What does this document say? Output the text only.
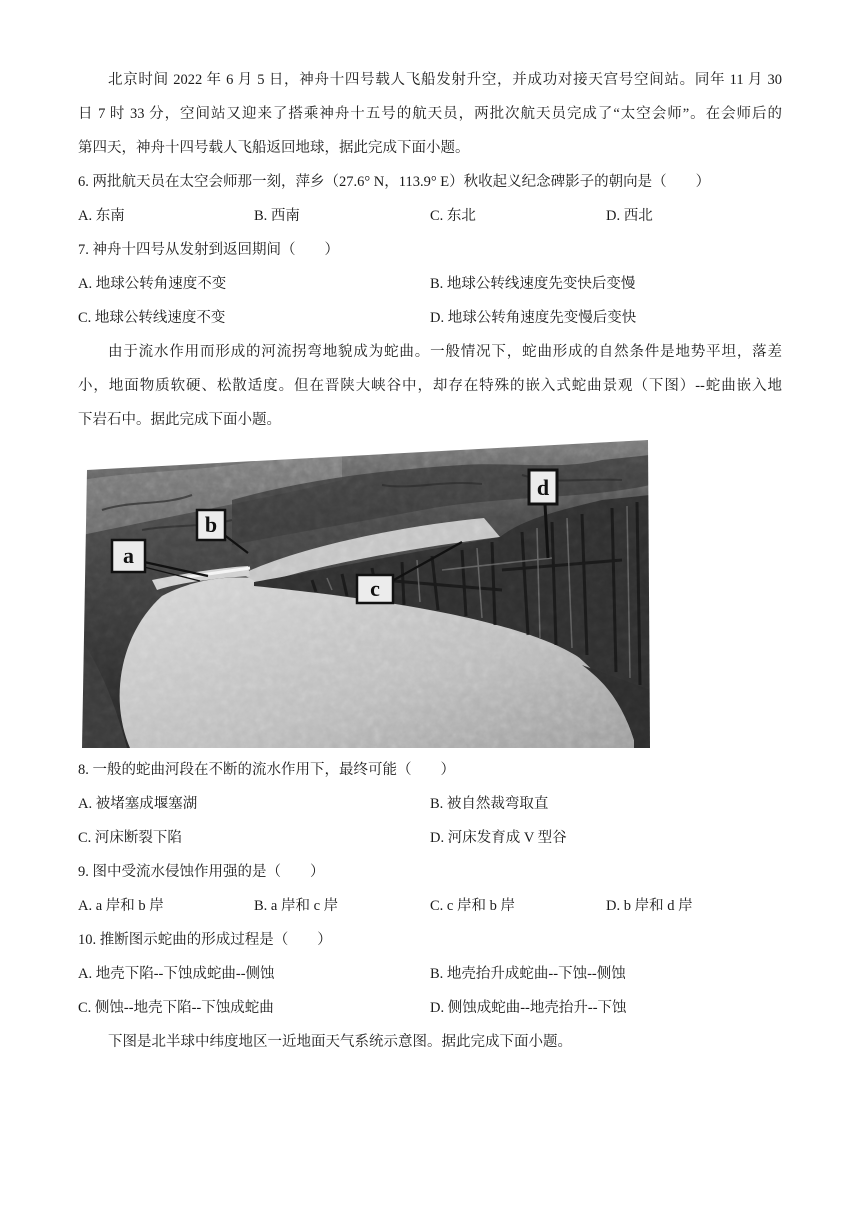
北京时间 2022 年 6 月 5 日，神舟十四号载人飞船发射升空，并成功对接天宫号空间站。同年 11 月 30
日 7 时 33 分，空间站又迎来了搭乘神舟十五号的航天员，两批次航天员完成了“太空会师”。在会师后的
第四天，神舟十四号载人飞船返回地球，据此完成下面小题。
6. 两批航天员在太空会师那一刻，萍乡（27.6° N，113.9° E）秋收起义纪念碑影子的朝向是（　　）
A. 东南	B. 西南	C. 东北	D. 西北
7. 神舟十四号从发射到返回期间（　　）
A. 地球公转角速度不变	B. 地球公转线速度先变快后变慢
C. 地球公转线速度不变	D. 地球公转角速度先变慢后变快
由于流水作用而形成的河流拐弯地貌成为蛇曲。一般情况下，蛇曲形成的自然条件是地势平坦，落差
小，地面物质软硬、松散适度。但在晋陕大峡谷中，却存在特殊的嵌入式蛇曲景观（下图）--蛇曲嵌入地
下岩石中。据此完成下面小题。
a
b
c
d
8. 一般的蛇曲河段在不断的流水作用下，最终可能（　　）
A. 被堵塞成堰塞湖	B. 被自然裁弯取直
C. 河床断裂下陷	D. 河床发育成 V 型谷
9. 图中受流水侵蚀作用强的是（　　）
A. a 岸和 b 岸	B. a 岸和 c 岸	C. c 岸和 b 岸	D. b 岸和 d 岸
10. 推断图示蛇曲的形成过程是（　　）
A. 地壳下陷--下蚀成蛇曲--侧蚀	B. 地壳抬升成蛇曲--下蚀--侧蚀
C. 侧蚀--地壳下陷--下蚀成蛇曲	D. 侧蚀成蛇曲--地壳抬升--下蚀
下图是北半球中纬度地区一近地面天气系统示意图。据此完成下面小题。
